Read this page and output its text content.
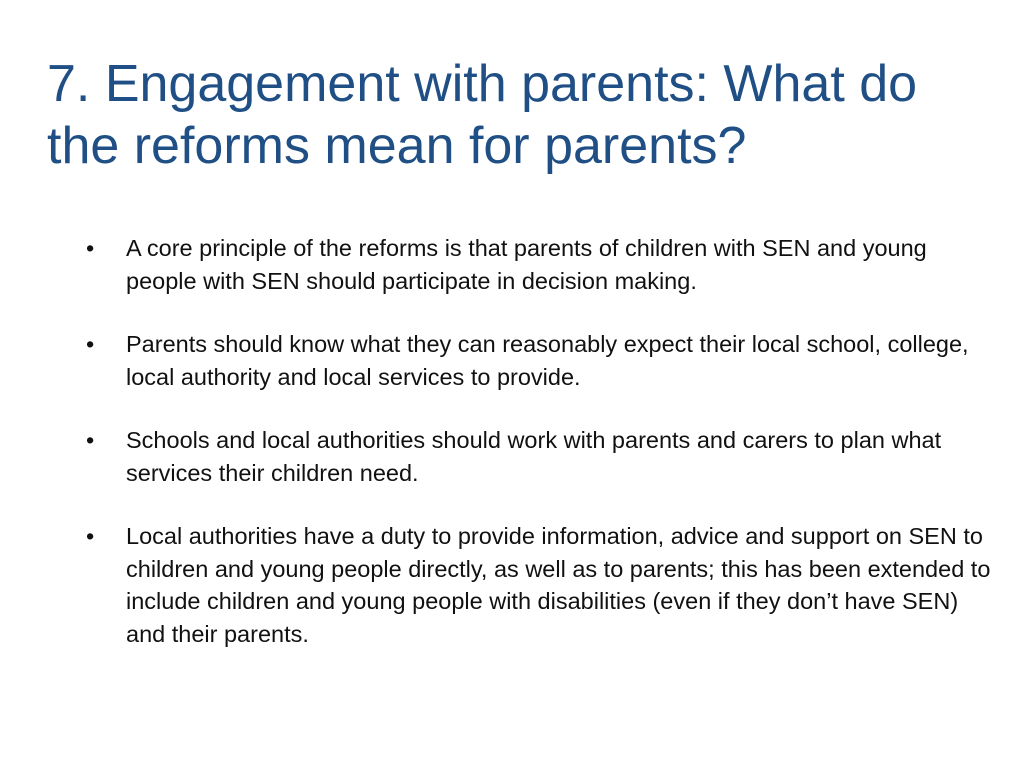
7. Engagement with parents: What do the reforms mean for parents?
•	A core principle of the reforms is that parents of children with SEN and young people with SEN should participate in decision making.
•	Parents should know what they can reasonably expect their local school, college, local authority and local services to provide.
•	Schools and local authorities should work with parents and carers to plan what services their children need.
•	Local authorities have a duty to provide information, advice and support on SEN to children and young people directly, as well as to parents; this has been extended to include children and young people with disabilities (even if they don’t have SEN) and their parents.
